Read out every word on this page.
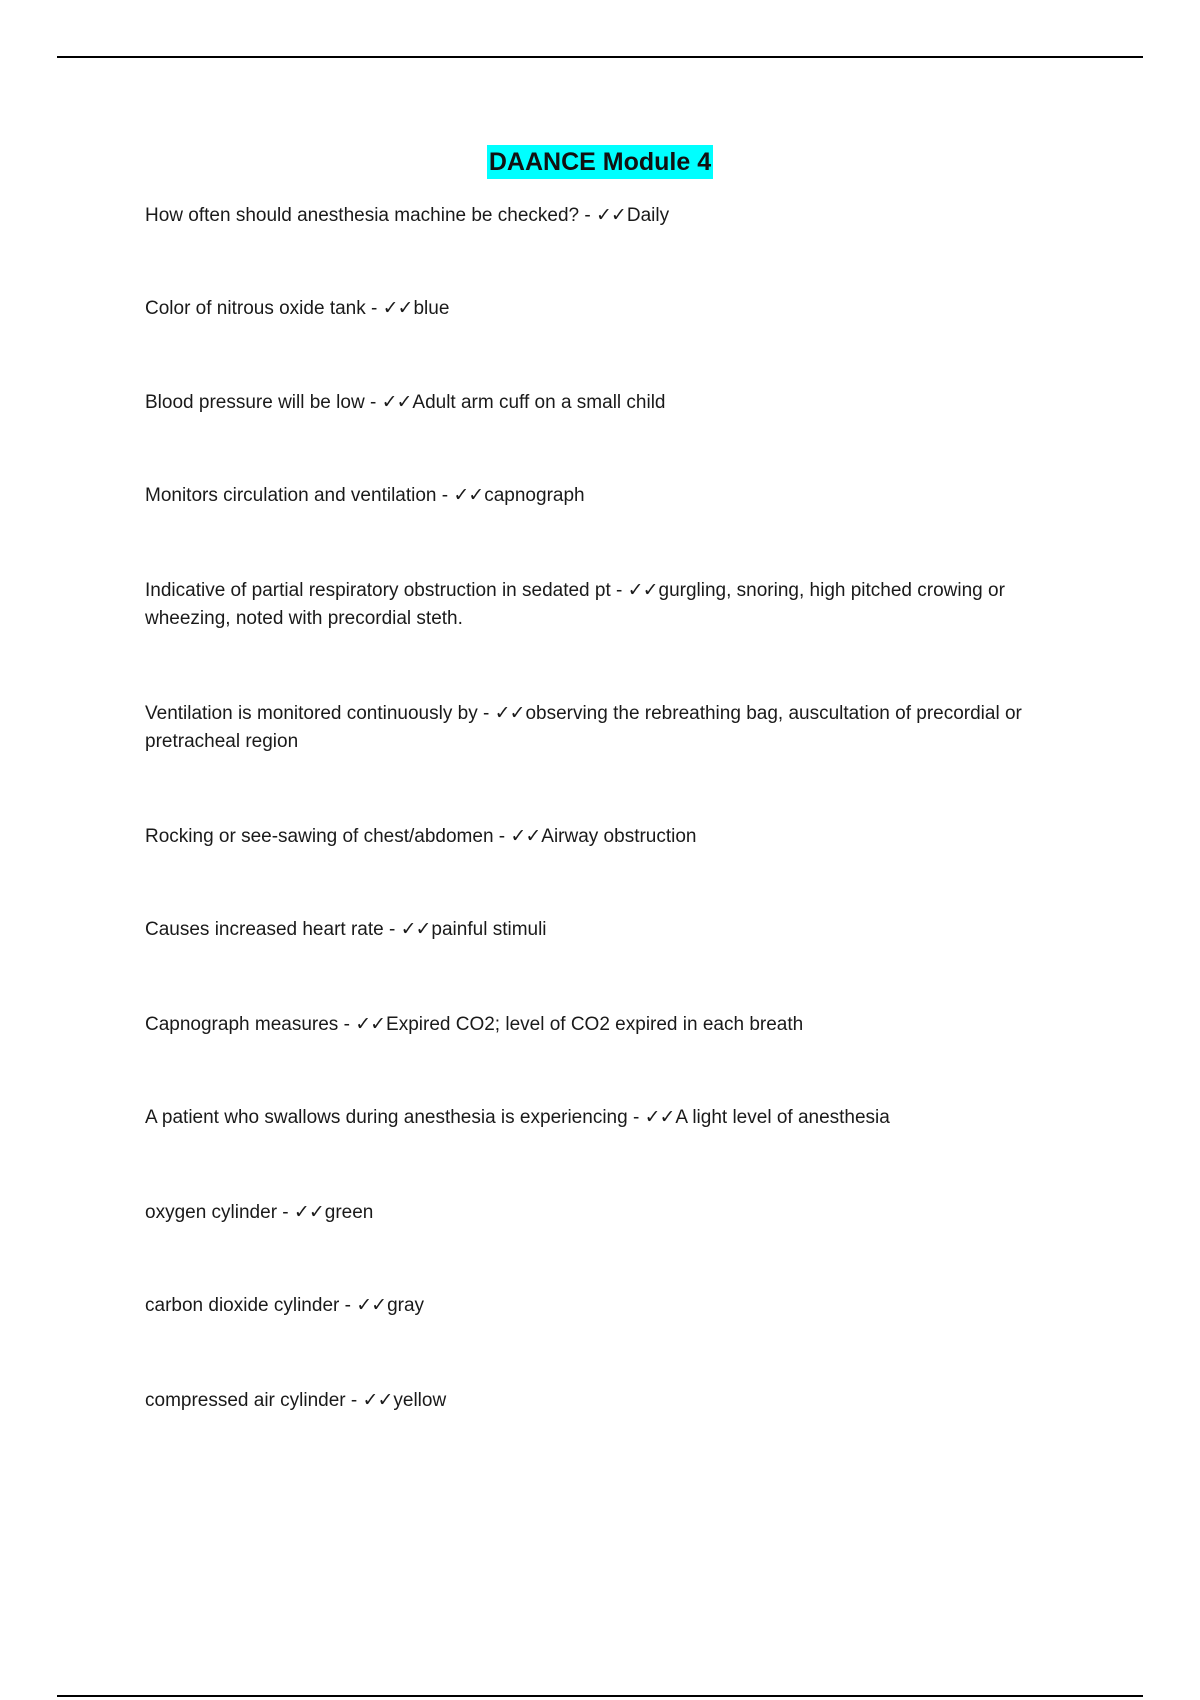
DAANCE Module 4
How often should anesthesia machine be checked? - ✓✓Daily
Color of nitrous oxide tank - ✓✓blue
Blood pressure will be low - ✓✓Adult arm cuff on a small child
Monitors circulation and ventilation - ✓✓capnograph
Indicative of partial respiratory obstruction in sedated pt - ✓✓gurgling, snoring, high pitched crowing or wheezing, noted with precordial steth.
Ventilation is monitored continuously by - ✓✓observing the rebreathing bag, auscultation of precordial or pretracheal region
Rocking or see-sawing of chest/abdomen - ✓✓Airway obstruction
Causes increased heart rate - ✓✓painful stimuli
Capnograph measures - ✓✓Expired CO2; level of CO2 expired in each breath
A patient who swallows during anesthesia is experiencing - ✓✓A light level of anesthesia
oxygen cylinder - ✓✓green
carbon dioxide cylinder - ✓✓gray
compressed air cylinder - ✓✓yellow
